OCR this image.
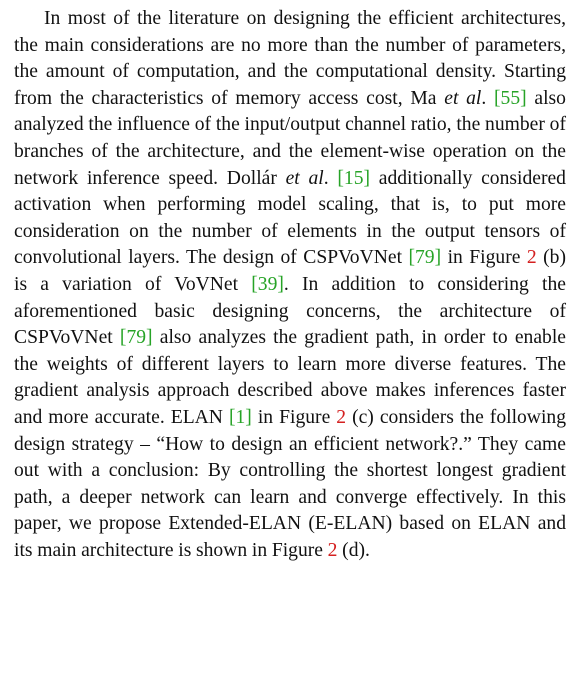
In most of the literature on designing the efficient architectures, the main considerations are no more than the number of parameters, the amount of computation, and the computational density. Starting from the characteristics of memory access cost, Ma et al. [55] also analyzed the influence of the input/output channel ratio, the number of branches of the architecture, and the element-wise operation on the network inference speed. Dollár et al. [15] additionally considered activation when performing model scaling, that is, to put more consideration on the number of elements in the output tensors of convolutional layers. The design of CSPVoVNet [79] in Figure 2 (b) is a variation of VoVNet [39]. In addition to considering the aforementioned basic designing concerns, the architecture of CSPVoVNet [79] also analyzes the gradient path, in order to enable the weights of different layers to learn more diverse features. The gradient analysis approach described above makes inferences faster and more accurate. ELAN [1] in Figure 2 (c) considers the following design strategy – “How to design an efficient network?.” They came out with a conclusion: By controlling the shortest longest gradient path, a deeper network can learn and converge effectively. In this paper, we propose Extended-ELAN (E-ELAN) based on ELAN and its main architecture is shown in Figure 2 (d).
